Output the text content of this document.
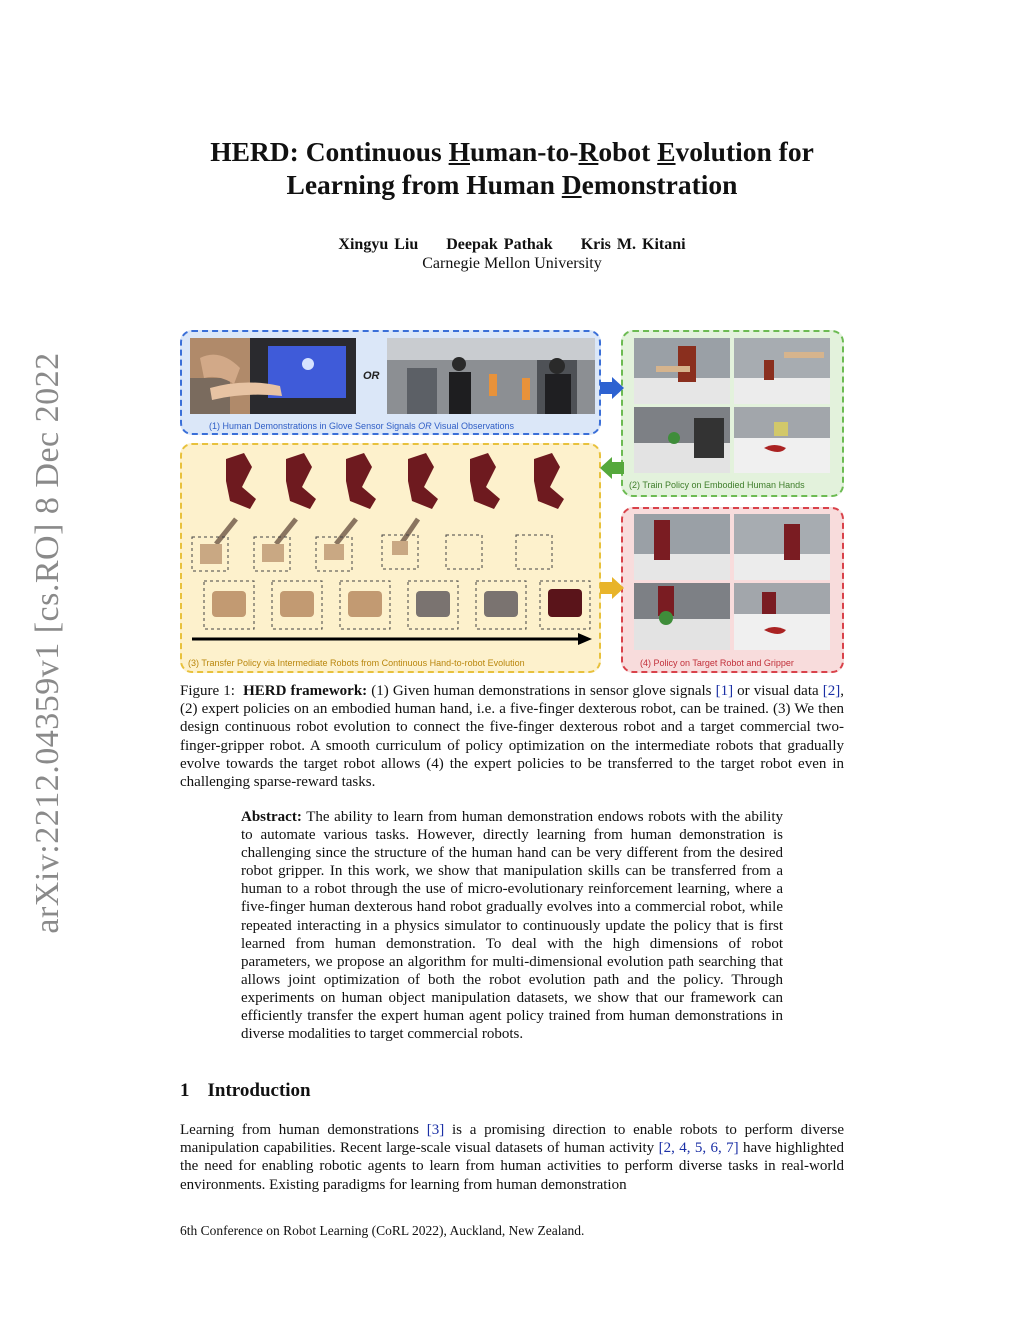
arXiv:2212.04359v1 [cs.RO] 8 Dec 2022
HERD: Continuous Human-to-Robot Evolution for
Learning from Human Demonstration
Xingyu Liu Deepak Pathak Kris M. Kitani
Carnegie Mellon University
OR
(1) Human Demonstrations in Glove Sensor Signals OR Visual Observations
(2) Train Policy on Embodied Human Hands
(3) Transfer Policy via Intermediate Robots from Continuous Hand-to-robot Evolution	(4) Policy on Target Robot and Gripper
Figure 1: HERD framework: (1) Given human demonstrations in sensor glove signals [1] or visual data [2], (2) expert policies on an embodied human hand, i.e. a five-finger dexterous robot, can be trained. (3) We then design continuous robot evolution to connect the five-finger dexterous robot and a target commercial two-finger-gripper robot. A smooth curriculum of policy optimization on the intermediate robots that gradually evolve towards the target robot allows (4) the expert policies to be transferred to the target robot even in challenging sparse-reward tasks.
Abstract: The ability to learn from human demonstration endows robots with the ability to automate various tasks. However, directly learning from human demonstration is challenging since the structure of the human hand can be very different from the desired robot gripper. In this work, we show that manipulation skills can be transferred from a human to a robot through the use of micro-evolutionary reinforcement learning, where a five-finger human dexterous hand robot gradually evolves into a commercial robot, while repeated interacting in a physics simulator to continuously update the policy that is first learned from human demonstration. To deal with the high dimensions of robot parameters, we propose an algorithm for multi-dimensional evolution path searching that allows joint optimization of both the robot evolution path and the policy. Through experiments on human object manipulation datasets, we show that our framework can efficiently transfer the expert human agent policy trained from human demonstrations in diverse modalities to target commercial robots.
1 Introduction
Learning from human demonstrations [3] is a promising direction to enable robots to perform diverse manipulation capabilities. Recent large-scale visual datasets of human activity [2, 4, 5, 6, 7] have highlighted the need for enabling robotic agents to learn from human activities to perform diverse tasks in real-world environments. Existing paradigms for learning from human demonstration
6th Conference on Robot Learning (CoRL 2022), Auckland, New Zealand.
